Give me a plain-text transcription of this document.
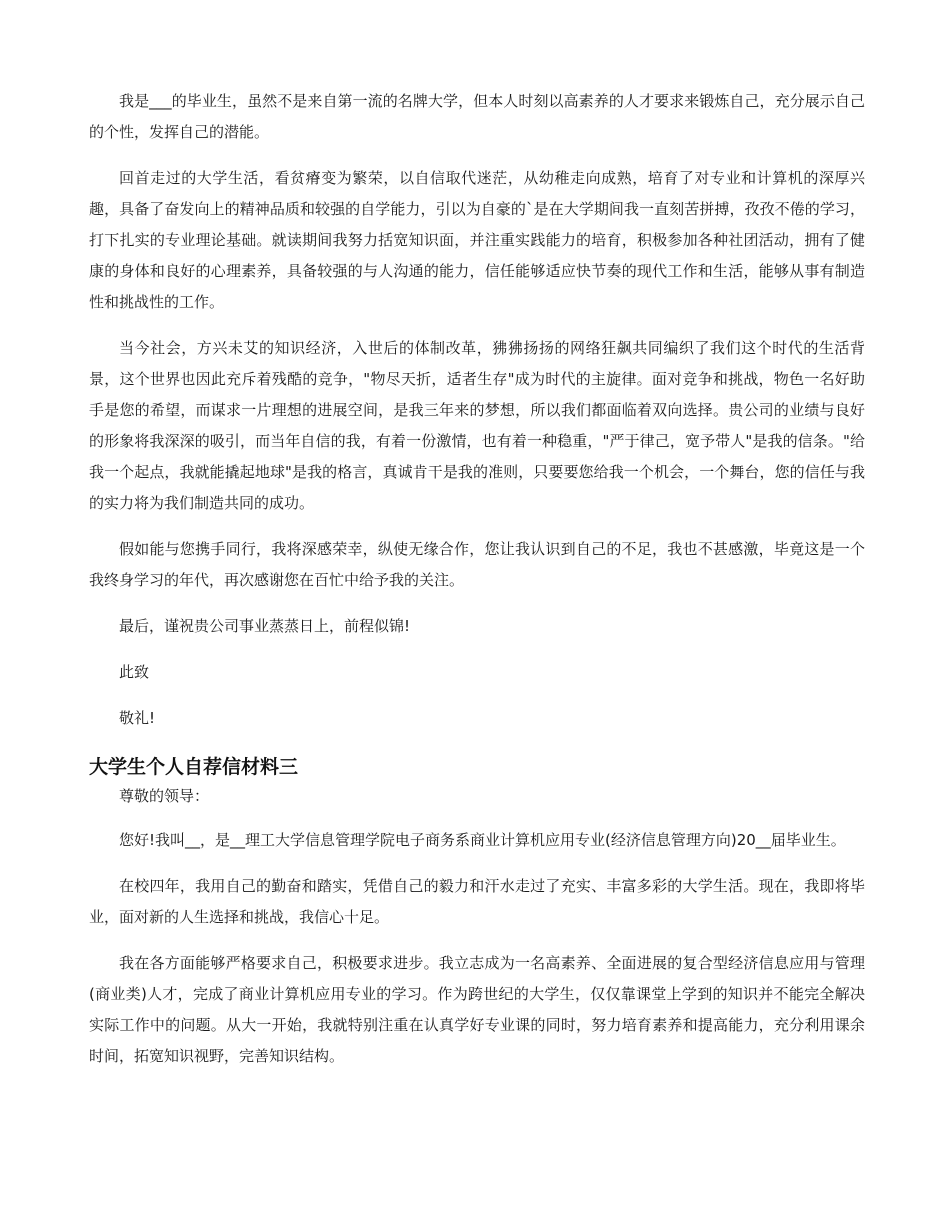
我是___的毕业生，虽然不是来自第一流的名牌大学，但本人时刻以高素养的人才要求来锻炼自己，充分展示自己的个性，发挥自己的潜能。

回首走过的大学生活，看贫瘠变为繁荣，以自信取代迷茫，从幼稚走向成熟，培育了对专业和计算机的深厚兴趣，具备了奋发向上的精神品质和较强的自学能力，引以为自豪的`是在大学期间我一直刻苦拼搏，孜孜不倦的学习，打下扎实的专业理论基础。就读期间我努力括宽知识面，并注重实践能力的培育，积极参加各种社团活动，拥有了健康的身体和良好的心理素养，具备较强的与人沟通的能力，信任能够适应快节奏的现代工作和生活，能够从事有制造性和挑战性的工作。

当今社会，方兴未艾的知识经济，入世后的体制改革，狒狒扬扬的网络狂飙共同编织了我们这个时代的生活背景，这个世界也因此充斥着残酷的竞争，"物尽天折，适者生存"成为时代的主旋律。面对竞争和挑战，物色一名好助手是您的希望，而谋求一片理想的进展空间，是我三年来的梦想，所以我们都面临着双向选择。贵公司的业绩与良好的形象将我深深的吸引，而当年自信的我，有着一份激情，也有着一种稳重，"严于律己，宽予带人"是我的信条。"给我一个起点，我就能撬起地球"是我的格言，真诚肯干是我的准则，只要要您给我一个机会，一个舞台，您的信任与我的实力将为我们制造共同的成功。

假如能与您携手同行，我将深感荣幸，纵使无缘合作，您让我认识到自己的不足，我也不甚感激，毕竟这是一个我终身学习的年代，再次感谢您在百忙中给予我的关注。

最后，谨祝贵公司事业蒸蒸日上，前程似锦!

此致

敬礼!

大学生个人自荐信材料三

尊敬的领导：

您好!我叫__，是__理工大学信息管理学院电子商务系商业计算机应用专业(经济信息管理方向)20__届毕业生。

在校四年，我用自己的勤奋和踏实，凭借自己的毅力和汗水走过了充实、丰富多彩的大学生活。现在，我即将毕业，面对新的人生选择和挑战，我信心十足。

我在各方面能够严格要求自己，积极要求进步。我立志成为一名高素养、全面进展的复合型经济信息应用与管理(商业类)人才，完成了商业计算机应用专业的学习。作为跨世纪的大学生，仅仅靠课堂上学到的知识并不能完全解决实际工作中的问题。从大一开始，我就特别注重在认真学好专业课的同时，努力培育素养和提高能力，充分利用课余时间，拓宽知识视野，完善知识结构。
